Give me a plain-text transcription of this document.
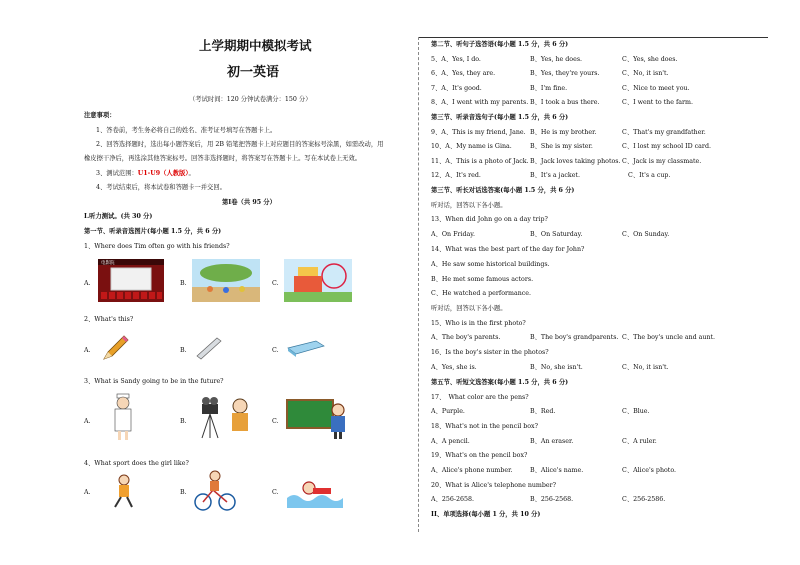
上学期期中模拟考试
初一英语
（考试时间：120 分钟试卷满分：150 分）
注意事项：
1、答卷前，考生务必将自己的姓名、准考证号填写在答题卡上。
2、回答选择题时，选出每小题答案后，用 2B 铅笔把答题卡上对应题目的答案标号涂黑，如需改动，用
橡皮擦干净后，再选涂其他答案标号。回答非选择题时，将答案写在答题卡上。写在本试卷上无效。
3、测试范围：U1-U9（人教版）。
4、考试结束后，将本试卷和答题卡一并交回。
第Ⅰ卷（共 95 分）
Ⅰ.听力测试。(共 30 分)
第一节、听录音选图片(每小题 1.5 分，共 6 分)
1、Where does Tim often go with his friends?
A.
电影院
B.	C.
2、What's this?
A.	B.	C.
3、What is Sandy going to be in the future?
A.	B.	C.
4、What sport does the girl like?
A.	B.	C.
第二节、听句子选答语(每小题 1.5 分，共 6 分)
5、A、Yes, I do.	B、Yes, he does.	C、Yes, she does.
6、A、Yes, they are.	B、Yes, they're yours.	C、No, it isn't.
7、A、It's good.	B、I'm fine.	C、Nice to meet you.
8、A、I went with my parents. B、I took a bus there.	C、I went to the farm.
第三节、听录音选句子(每小题 1.5 分，共 6 分)
9、A、This is my friend, Jane. B、He is my brother.	C、That's my grandfather.
10、A、My name is Gina.	B、She is my sister.	C、I lost my school ID card.
11、A、This is a photo of Jack. B、Jack loves taking photos. C、Jack is my classmate.
12、A、It's red.	B、It's a jacket.	C、It's a cup.
第三节、听长对话选答案(每小题 1.5 分，共 6 分)
听对话，回答以下各小题。
13、When did John go on a day trip?
A、On Friday.	B、On Saturday.	C、On Sunday.
14、What was the best part of the day for John?
A、He saw some historical buildings.
B、He met some famous actors.
C、He watched a performance.
听对话，回答以下各小题。
15、Who is in the first photo?
A、The boy's parents.	B、The boy's grandparents. C、The boy's uncle and aunt.
16、Is the boy's sister in the photos?
A、Yes, she is.	B、No, she isn't.	C、No, it isn't.
第五节、听短文选答案(每小题 1.5 分，共 6 分)
17、　What color are the pens?
A、Purple.	B、Red.	C、Blue.
18、What's not in the pencil box?
A、A pencil.	B、An eraser.	C、A ruler.
19、What's on the pencil box?
A、Alice's phone number.	B、Alice's name.	C、Alice's photo.
20、What is Alice's telephone number?
A、256-2658.	B、256-2568.	C、256-2586.
II、单项选择(每小题 1 分，共 10 分)
